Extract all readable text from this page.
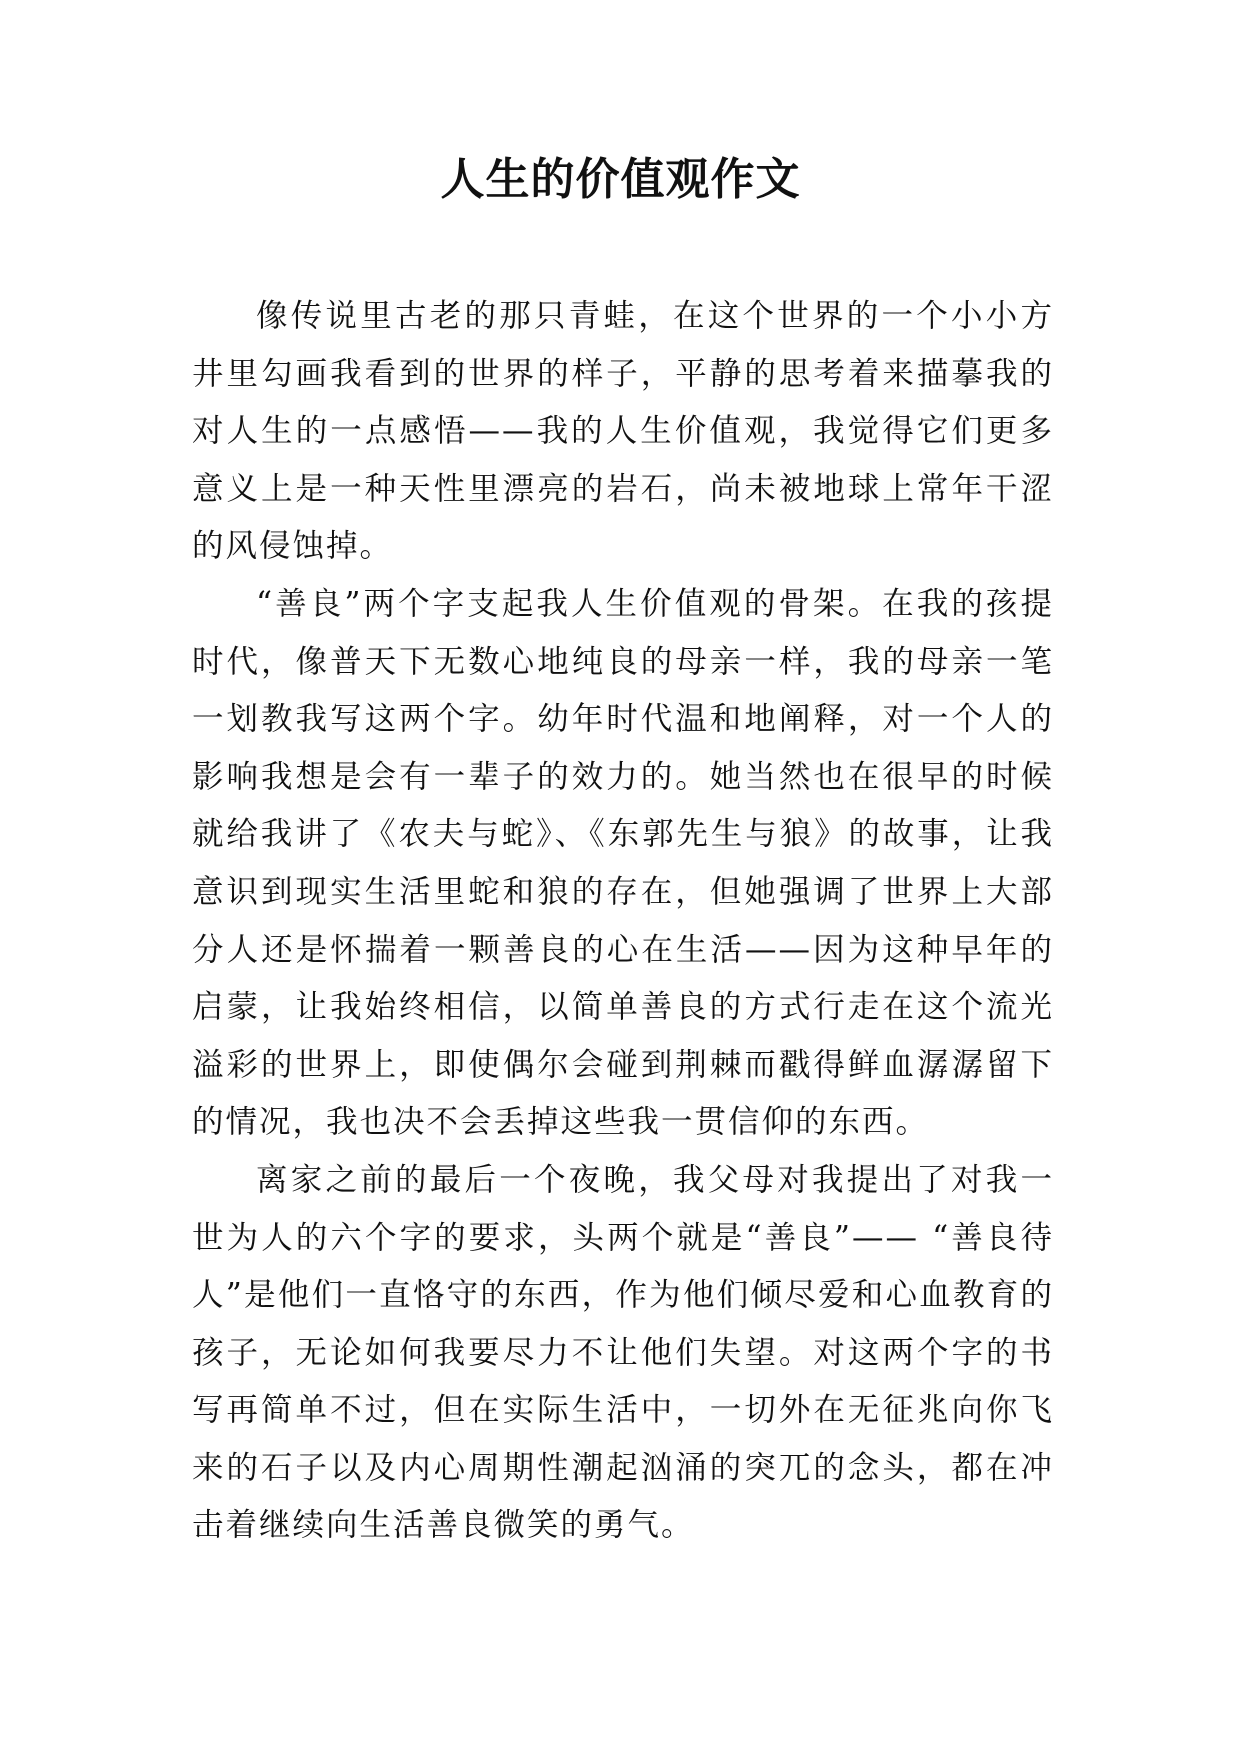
人生的价值观作文

像传说里古老的那只青蛙，在这个世界的一个小小方井里勾画我看到的世界的样子，平静的思考着来描摹我的对人生的一点感悟——我的人生价值观，我觉得它们更多意义上是一种天性里漂亮的岩石，尚未被地球上常年干涩的风侵蚀掉。

“善良”两个字支起我人生价值观的骨架。在我的孩提时代，像普天下无数心地纯良的母亲一样，我的母亲一笔一划教我写这两个字。幼年时代温和地阐释，对一个人的影响我想是会有一辈子的效力的。她当然也在很早的时候就给我讲了《农夫与蛇》、《东郭先生与狼》的故事，让我意识到现实生活里蛇和狼的存在，但她强调了世界上大部分人还是怀揣着一颗善良的心在生活——因为这种早年的启蒙，让我始终相信，以简单善良的方式行走在这个流光溢彩的世界上，即使偶尔会碰到荆棘而戳得鲜血潺潺留下的情况，我也决不会丢掉这些我一贯信仰的东西。

离家之前的最后一个夜晚，我父母对我提出了对我一世为人的六个字的要求，头两个就是“善良”—— “善良待人”是他们一直恪守的东西，作为他们倾尽爱和心血教育的孩子，无论如何我要尽力不让他们失望。对这两个字的书写再简单不过，但在实际生活中，一切外在无征兆向你飞来的石子以及内心周期性潮起汹涌的突兀的念头，都在冲击着继续向生活善良微笑的勇气。
